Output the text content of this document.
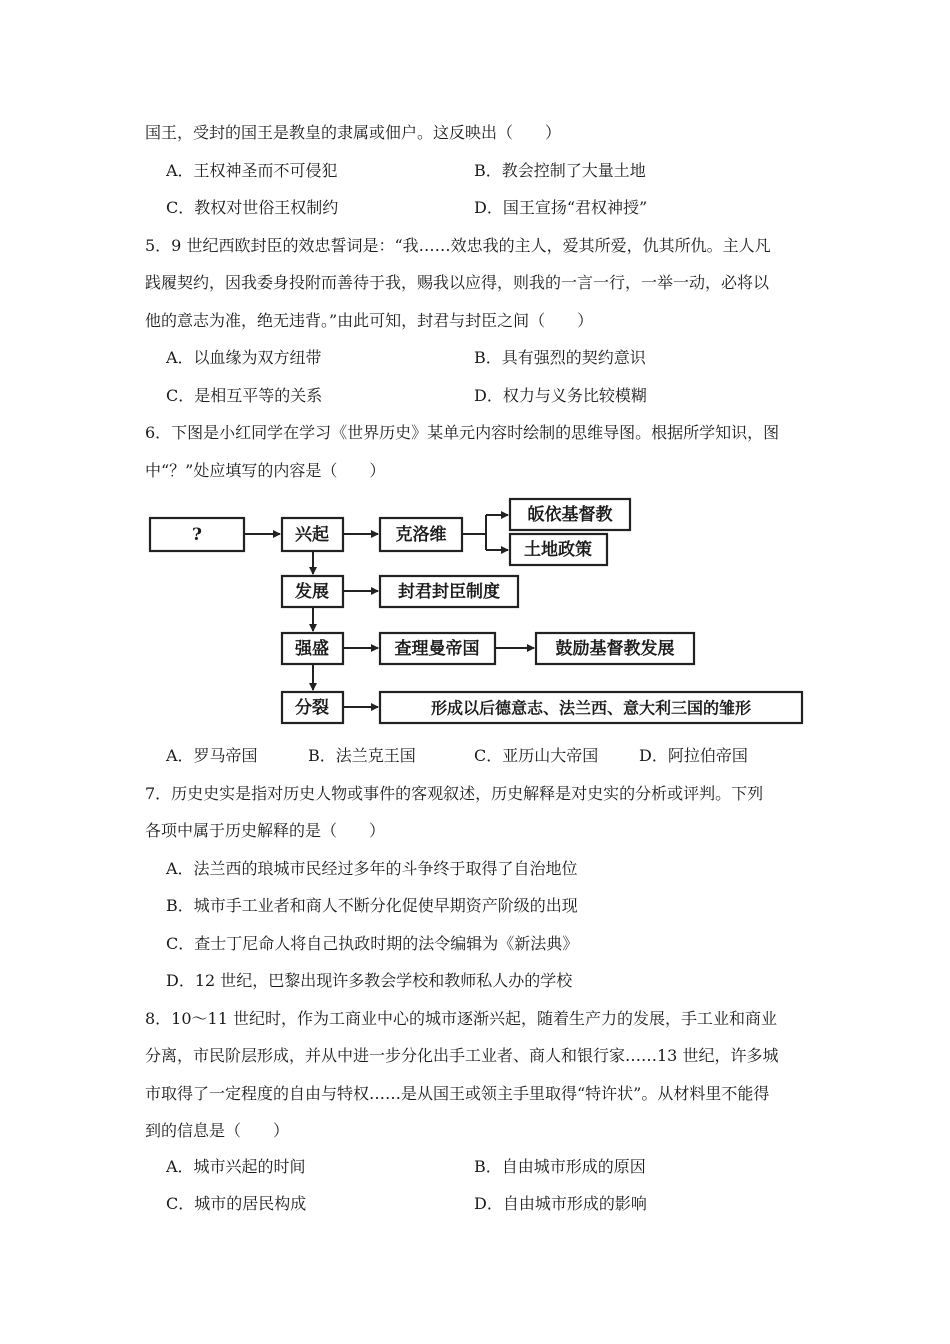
国王，受封的国王是教皇的隶属或佃户。这反映出（　　）
A．王权神圣而不可侵犯	B．教会控制了大量土地
C．教权对世俗王权制约	D．国王宣扬“君权神授”
5．9 世纪西欧封臣的效忠誓词是：“我……效忠我的主人，爱其所爱，仇其所仇。主人凡
践履契约，因我委身投附而善待于我，赐我以应得，则我的一言一行，一举一动，必将以
他的意志为准，绝无违背。”由此可知，封君与封臣之间（　　）
A．以血缘为双方纽带	B．具有强烈的契约意识
C．是相互平等的关系	D．权力与义务比较模糊
6．下图是小红同学在学习《世界历史》某单元内容时绘制的思维导图。根据所学知识，图
中“？”处应填写的内容是（　　）
?	兴起	克洛维
皈依基督教
土地政策
发展	封君封臣制度
强盛	查理曼帝国	鼓励基督教发展
分裂	形成以后德意志、法兰西、意大利三国的雏形
A．罗马帝国	B．法兰克王国	C．亚历山大帝国	D．阿拉伯帝国
7．历史史实是指对历史人物或事件的客观叙述，历史解释是对史实的分析或评判。下列
各项中属于历史解释的是（　　）
A．法兰西的琅城市民经过多年的斗争终于取得了自治地位
B．城市手工业者和商人不断分化促使早期资产阶级的出现
C．查士丁尼命人将自己执政时期的法令编辑为《新法典》
D．12 世纪，巴黎出现许多教会学校和教师私人办的学校
8．10～11 世纪时，作为工商业中心的城市逐渐兴起，随着生产力的发展，手工业和商业
分离，市民阶层形成，并从中进一步分化出手工业者、商人和银行家……13 世纪，许多城
市取得了一定程度的自由与特权……是从国王或领主手里取得“特许状”。从材料里不能得
到的信息是（　　）
A．城市兴起的时间	B．自由城市形成的原因
C．城市的居民构成	D．自由城市形成的影响
